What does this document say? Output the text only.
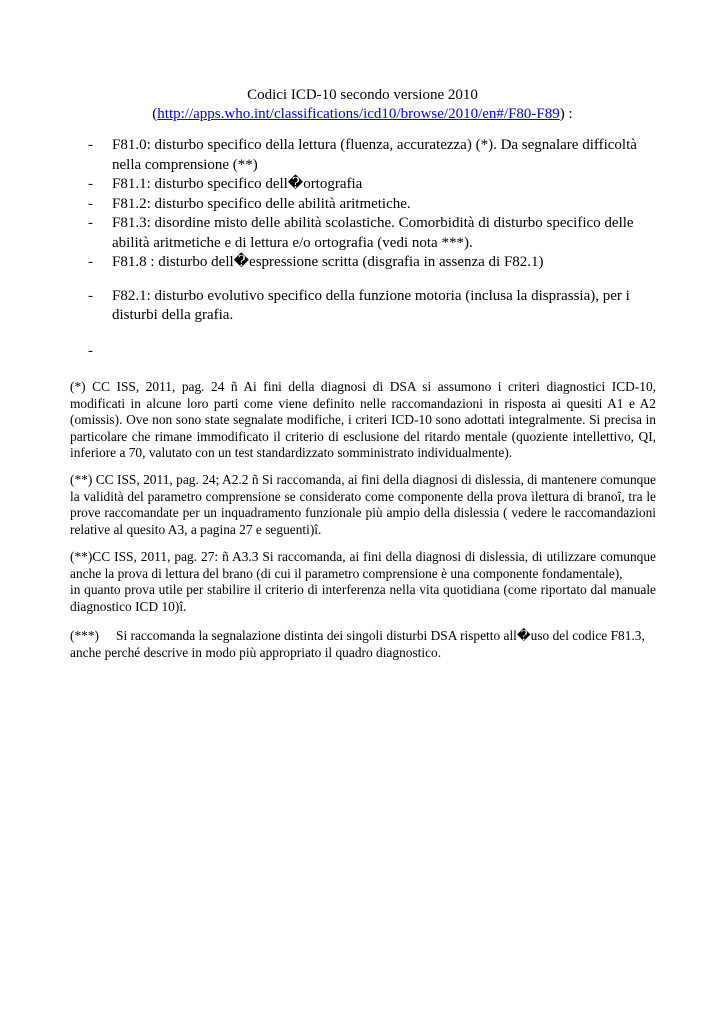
Codici ICD-10 secondo versione 2010
(http://apps.who.int/classifications/icd10/browse/2010/en#/F80-F89) :
- F81.0: disturbo specifico della lettura (fluenza, accuratezza) (*). Da segnalare difficoltà nella comprensione (**)
- F81.1: disturbo specifico dell�ortografia
- F81.2: disturbo specifico delle abilità aritmetiche.
- F81.3: disordine misto delle abilità scolastiche. Comorbidità di disturbo specifico delle abilità aritmetiche e di lettura e/o ortografia (vedi nota ***).
- F81.8 : disturbo dell�espressione scritta (disgrafia in assenza di F82.1)
- F82.1: disturbo evolutivo specifico della funzione motoria (inclusa la disprassia), per i disturbi della grafia.
-

(*) CC ISS, 2011, pag. 24 ñ Ai fini della diagnosi di DSA si assumono i criteri diagnostici ICD-10, modificati in alcune loro parti come viene definito nelle raccomandazioni in risposta ai quesiti A1 e A2 (omissis). Ove non sono state segnalate modifiche, i criteri ICD-10 sono adottati integralmente. Si precisa in particolare che rimane immodificato il criterio di esclusione del ritardo mentale (quoziente intellettivo, QI, inferiore a 70, valutato con un test standardizzato somministrato individualmente).

(**) CC ISS, 2011, pag. 24; A2.2 ñ Si raccomanda, ai fini della diagnosi di dislessia, di mantenere comunque la validità del parametro comprensione se considerato come componente della prova ìlettura di branoî, tra le prove raccomandate per un inquadramento funzionale più ampio della dislessia ( vedere le raccomandazioni relative al quesito A3, a pagina 27 e seguenti)î.

(**)CC ISS, 2011, pag. 27: ñ A3.3 Si raccomanda, ai fini della diagnosi di dislessia, di utilizzare comunque anche la prova di lettura del brano (di cui il parametro comprensione è una componente fondamentale),
in quanto prova utile per stabilire il criterio di interferenza nella vita quotidiana (come riportato dal manuale diagnostico ICD 10)î.

(***) Si raccomanda la segnalazione distinta dei singoli disturbi DSA rispetto all�uso del codice F81.3, anche perché descrive in modo più appropriato il quadro diagnostico.
